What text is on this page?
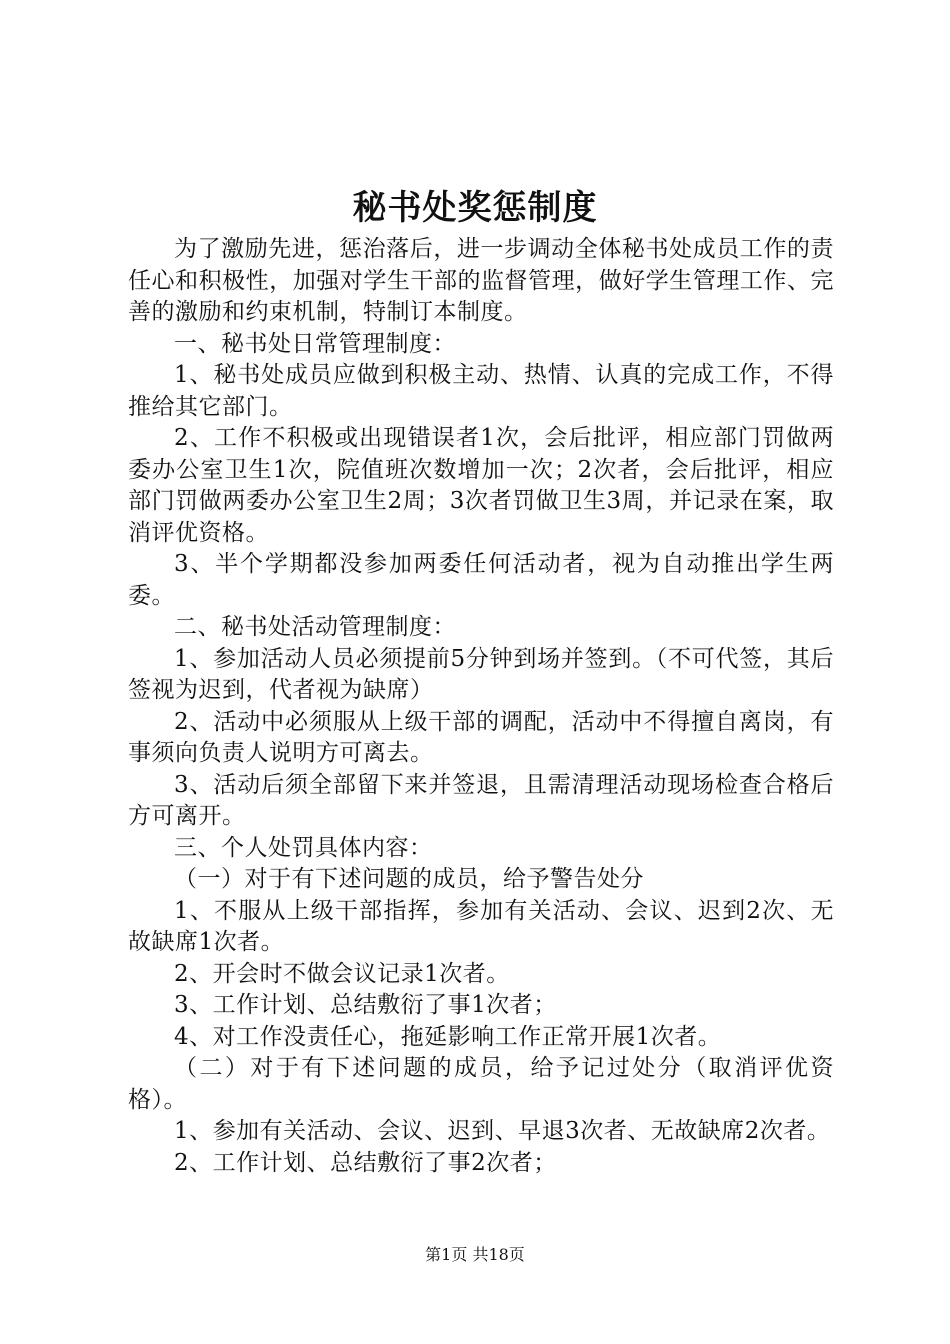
秘书处奖惩制度

为了激励先进，惩治落后，进一步调动全体秘书处成员工作的责任心和积极性，加强对学生干部的监督管理，做好学生管理工作、完善的激励和约束机制，特制订本制度。

一、秘书处日常管理制度：

1、秘书处成员应做到积极主动、热情、认真的完成工作，不得推给其它部门。

2、工作不积极或出现错误者1次，会后批评，相应部门罚做两委办公室卫生1次，院值班次数增加一次；2次者，会后批评，相应部门罚做两委办公室卫生2周；3次者罚做卫生3周，并记录在案，取消评优资格。

3、半个学期都没参加两委任何活动者，视为自动推出学生两委。

二、秘书处活动管理制度：

1、参加活动人员必须提前5分钟到场并签到。（不可代签，其后签视为迟到，代者视为缺席）

2、活动中必须服从上级干部的调配，活动中不得擅自离岗，有事须向负责人说明方可离去。

3、活动后须全部留下来并签退，且需清理活动现场检查合格后方可离开。

三、个人处罚具体内容：

（一）对于有下述问题的成员，给予警告处分

1、不服从上级干部指挥，参加有关活动、会议、迟到2次、无故缺席1次者。

2、开会时不做会议记录1次者。

3、工作计划、总结敷衍了事1次者；

4、对工作没责任心，拖延影响工作正常开展1次者。

（二）对于有下述问题的成员，给予记过处分（取消评优资格）。

1、参加有关活动、会议、迟到、早退3次者、无故缺席2次者。

2、工作计划、总结敷衍了事2次者；

第1页 共18页
